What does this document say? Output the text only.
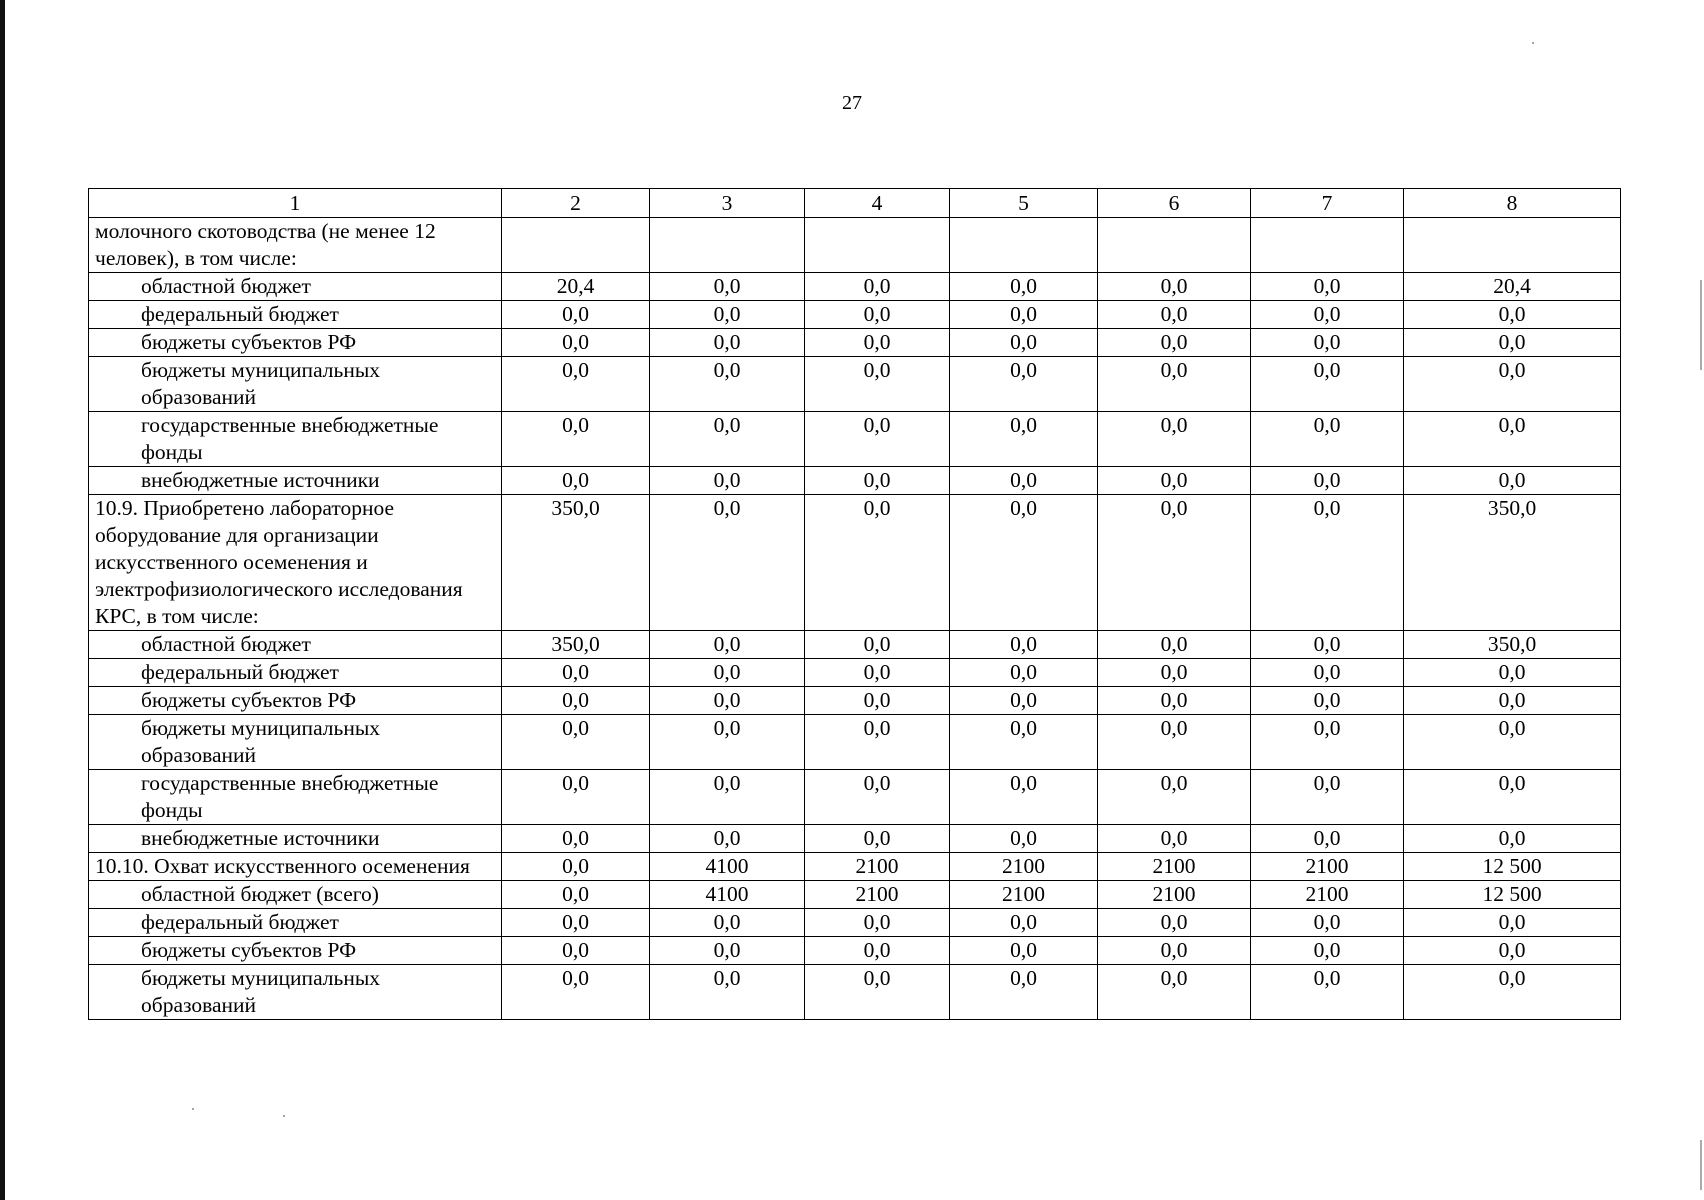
27
1	2	3	4	5	6	7	8
молочного скотоводства (не менее 12 человек), в том числе:							
областной бюджет	20,4	0,0	0,0	0,0	0,0	0,0	20,4
федеральный бюджет	0,0	0,0	0,0	0,0	0,0	0,0	0,0
бюджеты субъектов РФ	0,0	0,0	0,0	0,0	0,0	0,0	0,0
бюджеты муниципальных образований	0,0	0,0	0,0	0,0	0,0	0,0	0,0
государственные внебюджетные фонды	0,0	0,0	0,0	0,0	0,0	0,0	0,0
внебюджетные источники	0,0	0,0	0,0	0,0	0,0	0,0	0,0
10.9. Приобретено лабораторное оборудование для организации искусственного осеменения и электрофизиологического исследования КРС, в том числе:	350,0	0,0	0,0	0,0	0,0	0,0	350,0
областной бюджет	350,0	0,0	0,0	0,0	0,0	0,0	350,0
федеральный бюджет	0,0	0,0	0,0	0,0	0,0	0,0	0,0
бюджеты субъектов РФ	0,0	0,0	0,0	0,0	0,0	0,0	0,0
бюджеты муниципальных образований	0,0	0,0	0,0	0,0	0,0	0,0	0,0
государственные внебюджетные фонды	0,0	0,0	0,0	0,0	0,0	0,0	0,0
внебюджетные источники	0,0	0,0	0,0	0,0	0,0	0,0	0,0
10.10. Охват искусственного осеменения	0,0	4100	2100	2100	2100	2100	12 500
областной бюджет (всего)	0,0	4100	2100	2100	2100	2100	12 500
федеральный бюджет	0,0	0,0	0,0	0,0	0,0	0,0	0,0
бюджеты субъектов РФ	0,0	0,0	0,0	0,0	0,0	0,0	0,0
бюджеты муниципальных образований	0,0	0,0	0,0	0,0	0,0	0,0	0,0
